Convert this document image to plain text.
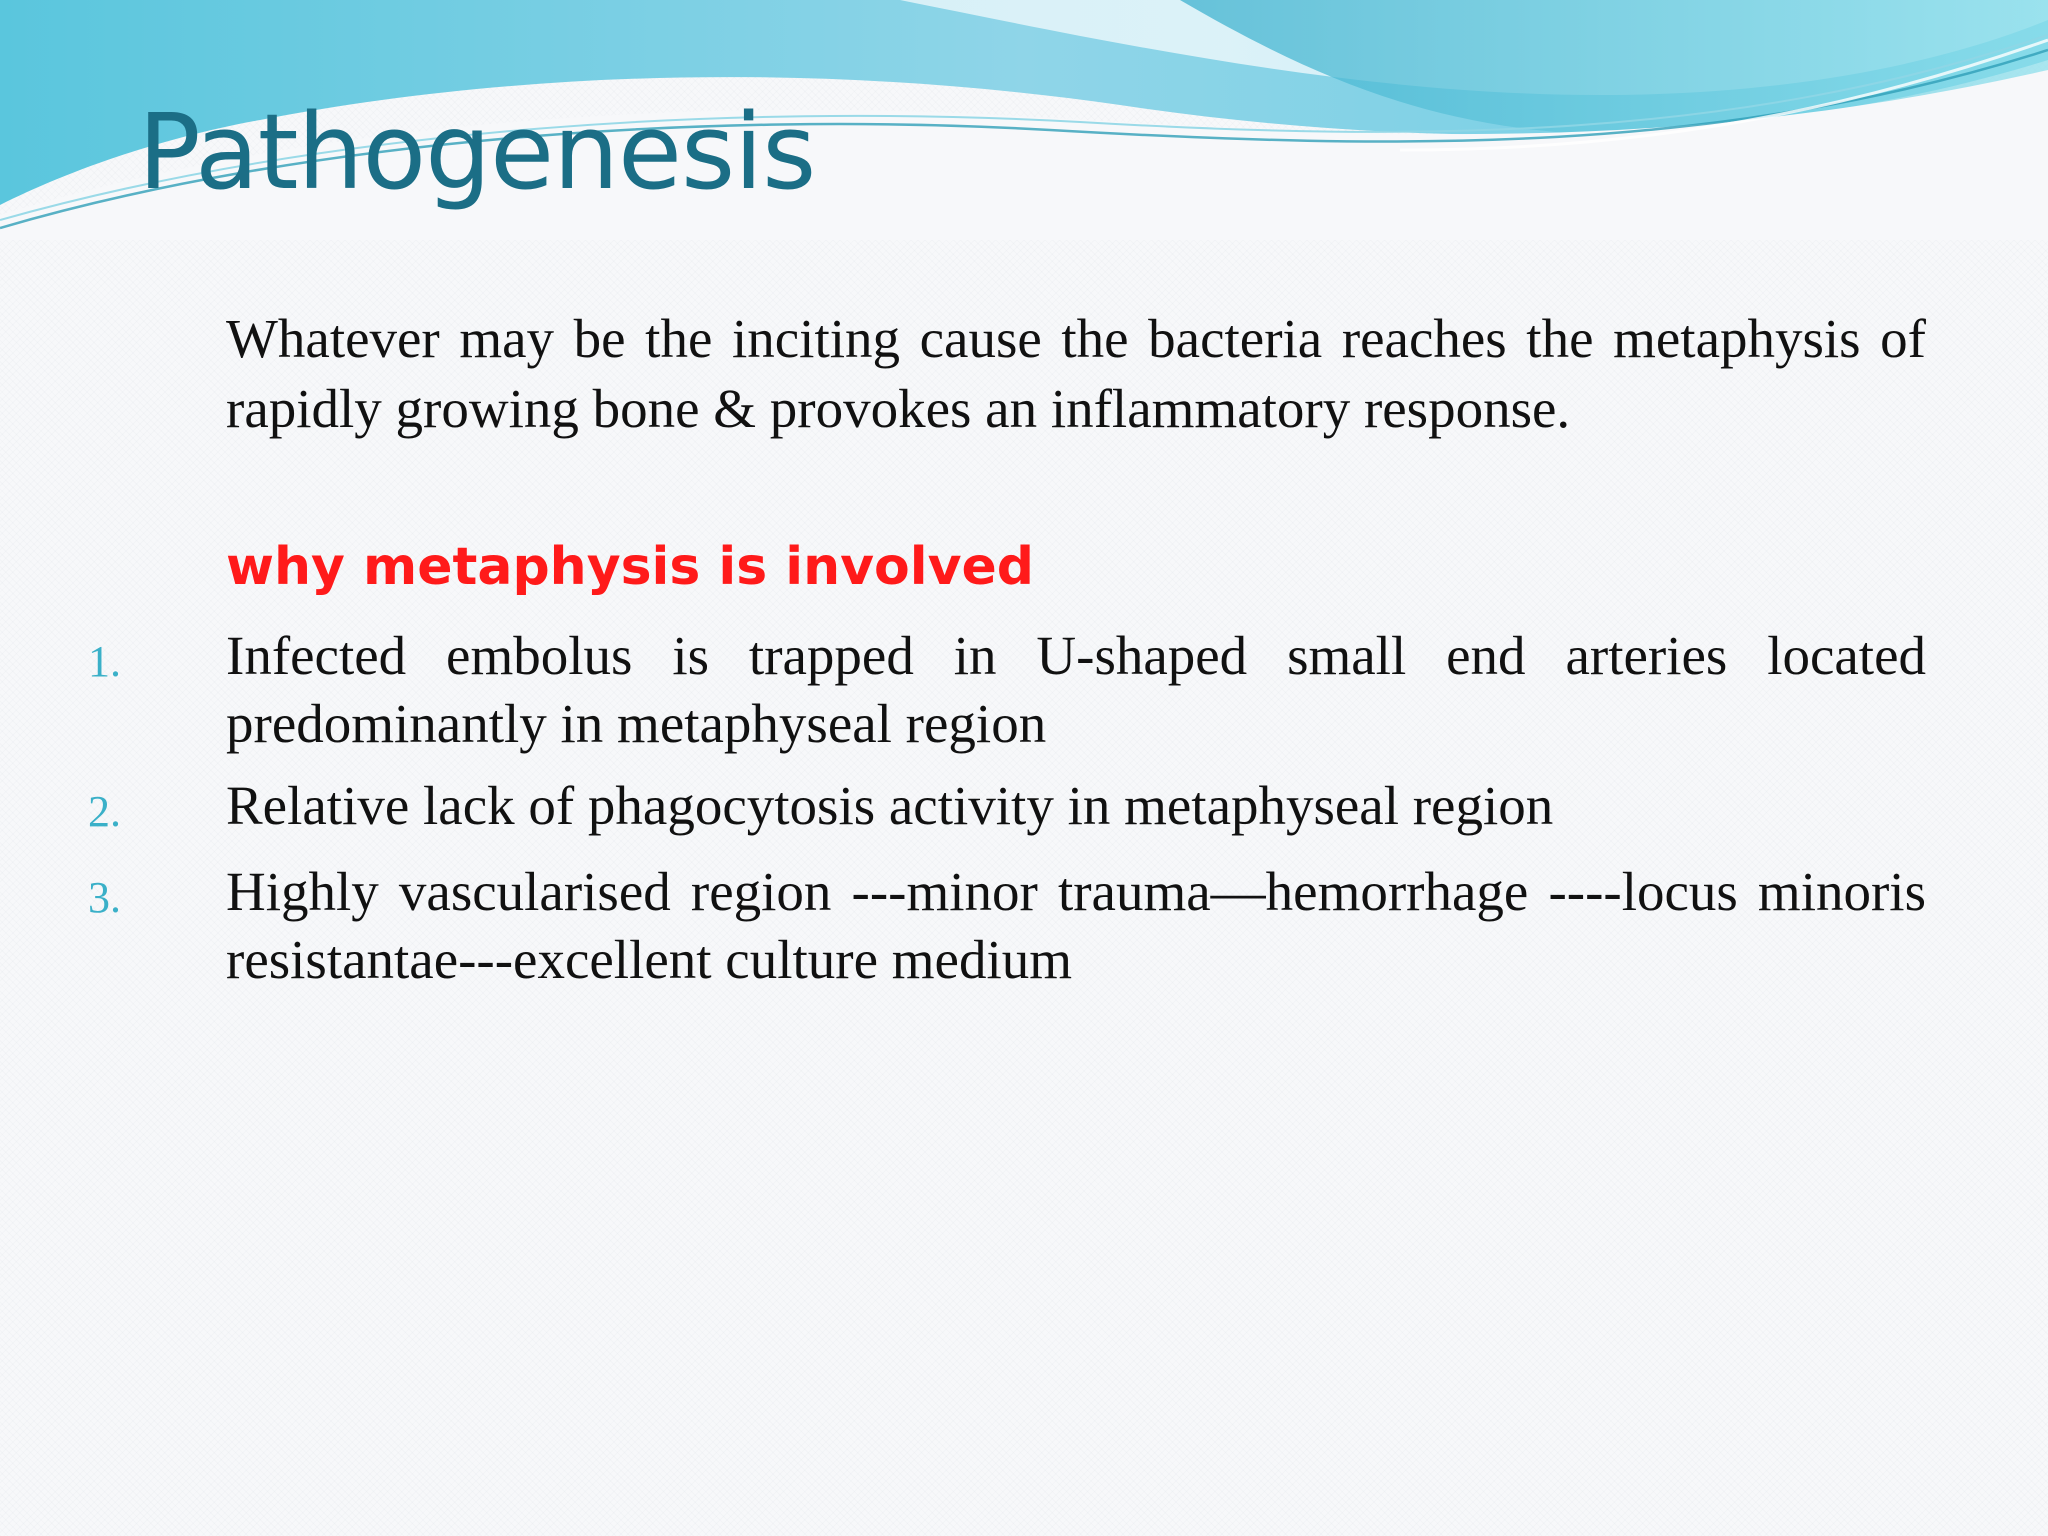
Pathogenesis

Whatever may be the inciting cause the bacteria reaches the metaphysis of rapidly growing bone & provokes an inflammatory response.

why metaphysis is involved

1. Infected embolus is trapped in U-shaped small end arteries located predominantly in metaphyseal region

2. Relative lack of phagocytosis activity in metaphyseal region

3. Highly vascularised region ---minor trauma—hemorrhage ----locus minoris resistantae---excellent culture medium
